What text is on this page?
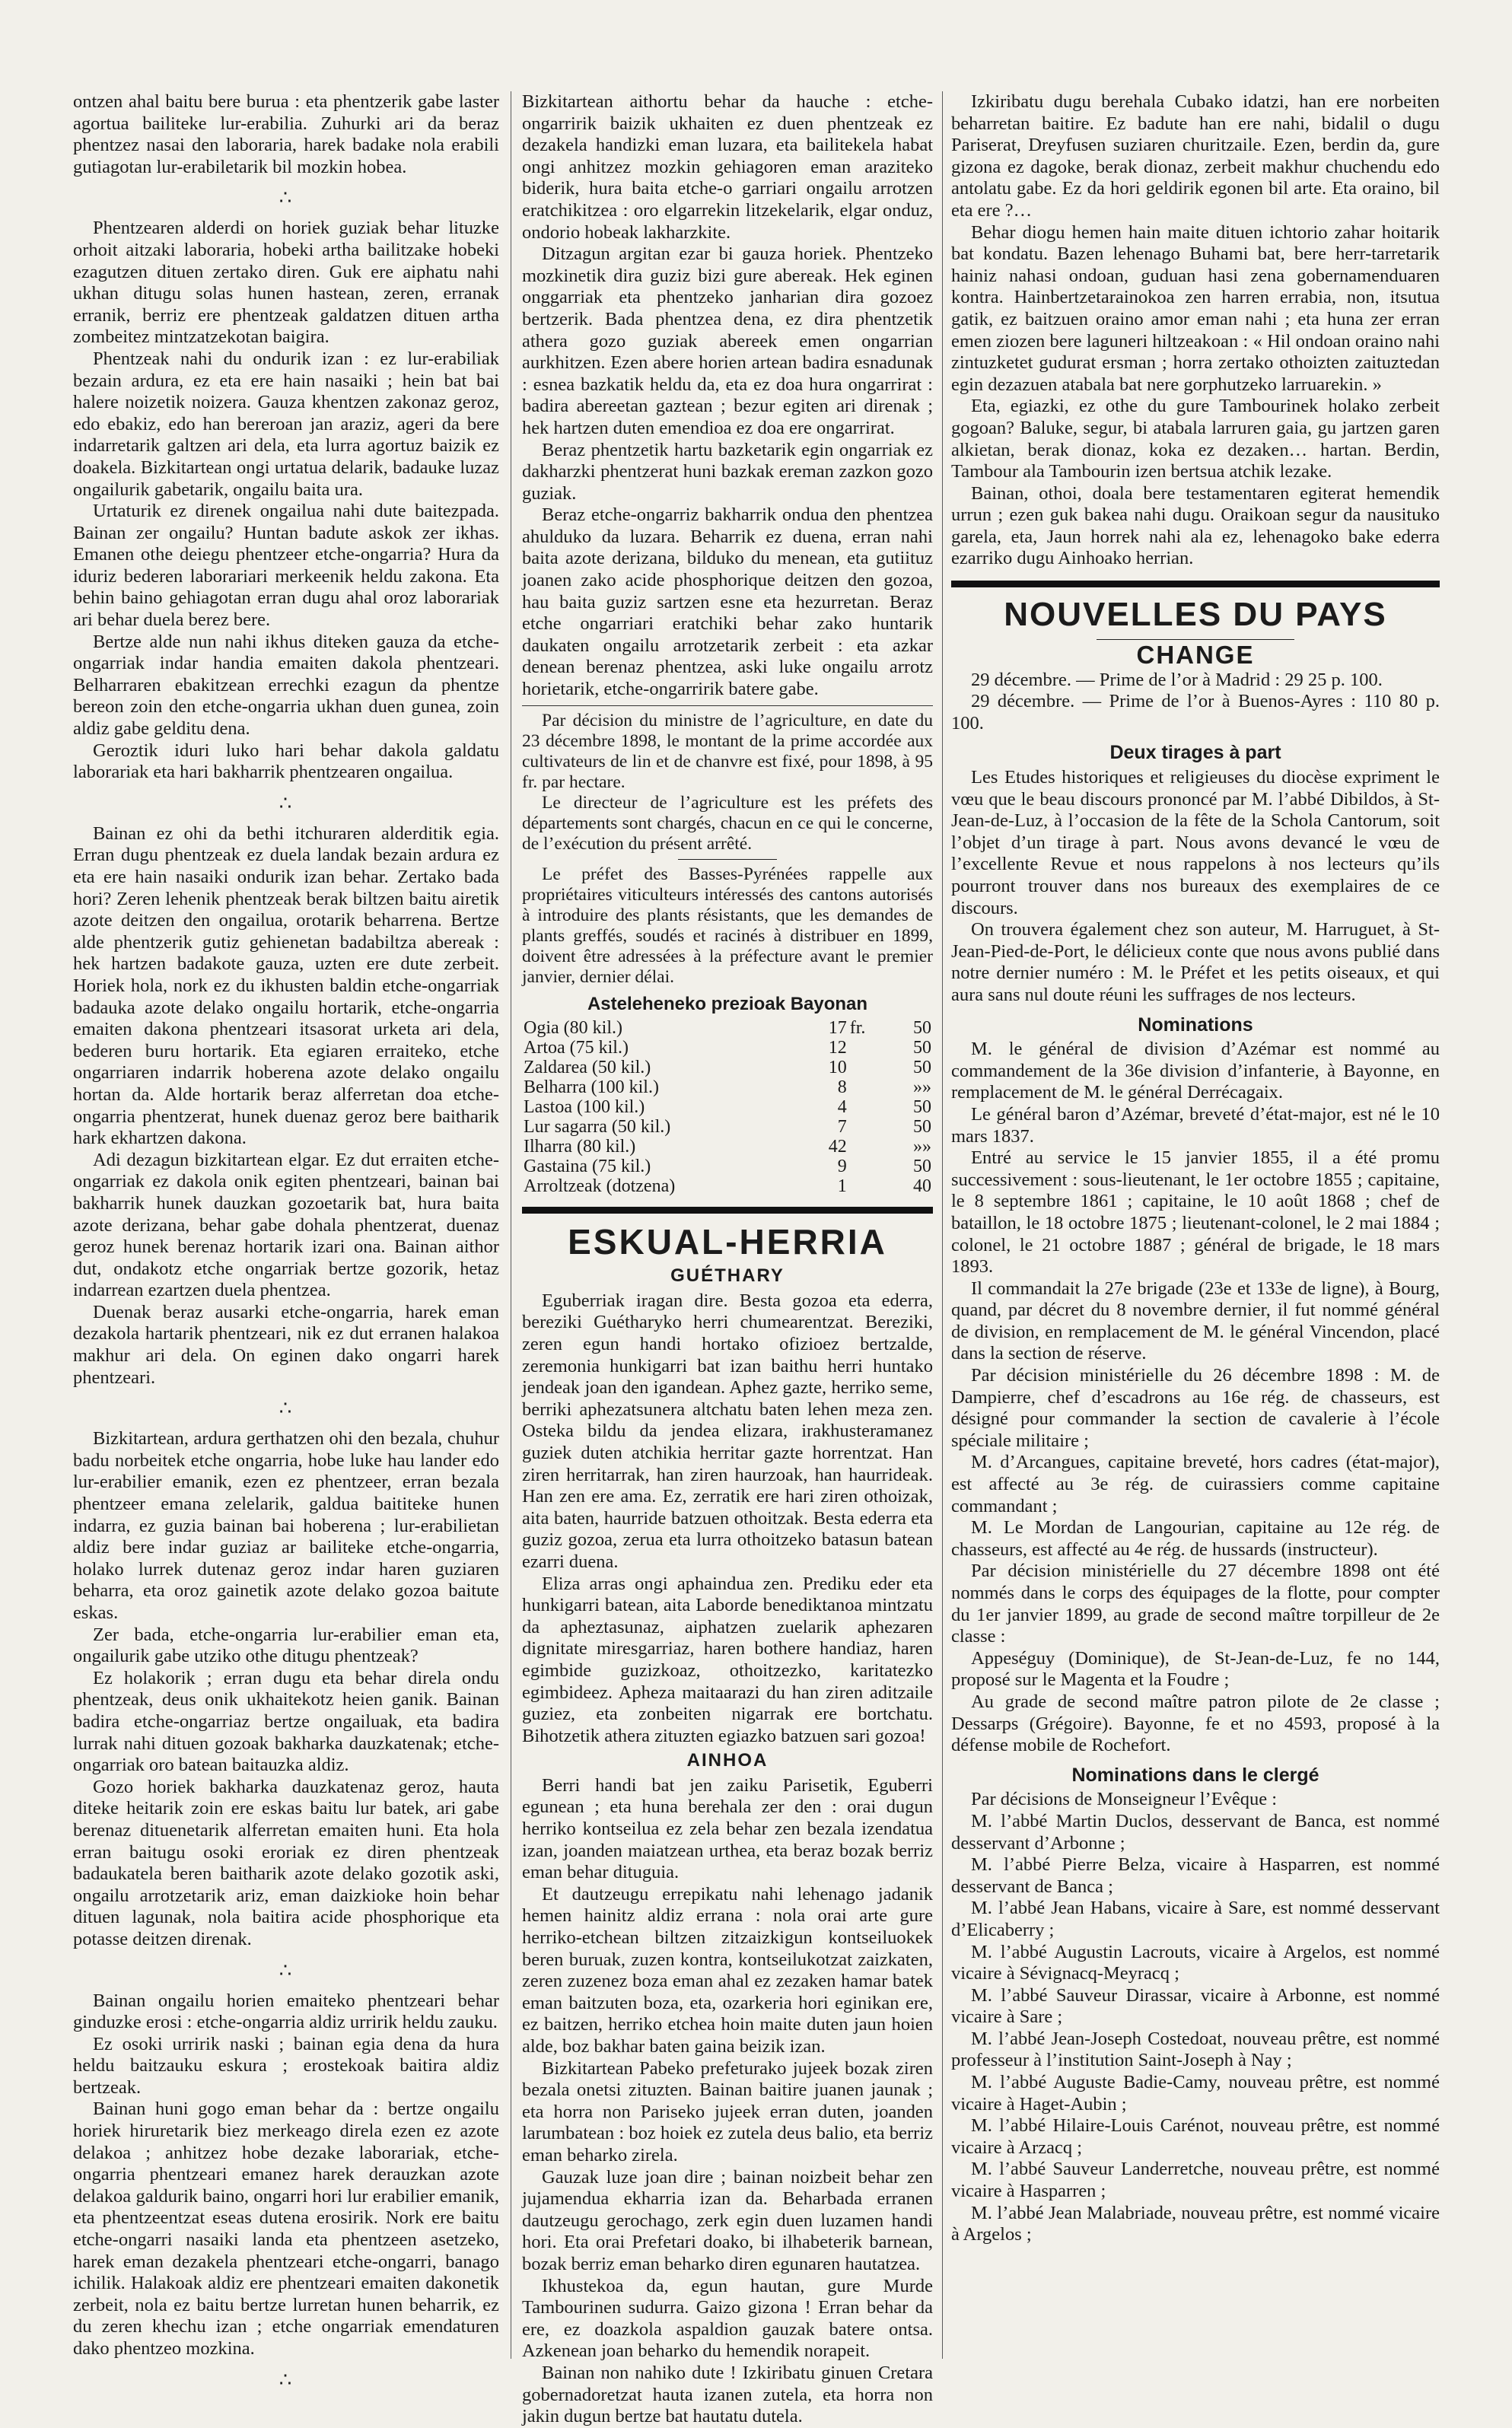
ontzen ahal baitu bere burua : eta phentzerik gabe laster agortua bailiteke lur-erabilia. Zuhurki ari da beraz phentzez nasai den laboraria, harek badake nola erabili gutiagotan lur-erabiletarik bil mozkin hobea.

∴

Phentzearen alderdi on horiek guziak behar lituzke orhoit aitzaki laboraria, hobeki artha bailitzake hobeki ezagutzen dituen zertako diren. Guk ere aiphatu nahi ukhan ditugu solas hunen hastean, zeren, erranak erranik, berriz ere phentzeak galdatzen dituen artha zombeitez mintzatzekotan baigira.

Phentzeak nahi du ondurik izan : ez lur-erabiliak bezain ardura, ez eta ere hain nasaiki ; hein bat bai halere noizetik noizera. Gauza khentzen zakonaz geroz, edo ebakiz, edo han bereroan jan araziz, ageri da bere indarretarik galtzen ari dela, eta lurra agortuz baizik ez doakela. Bizkitartean ongi urtatua delarik, badauke luzaz ongailurik gabetarik, ongailu baita ura.

Urtaturik ez direnek ongailua nahi dute baitezpada. Bainan zer ongailu? Huntan badute askok zer ikhas. Emanen othe deiegu phentzeer etche-ongarria? Hura da iduriz bederen laborariari merkeenik heldu zakona. Eta behin baino gehiagotan erran dugu ahal oroz laborariak ari behar duela berez bere.

Bertze alde nun nahi ikhus diteken gauza da etche-ongarriak indar handia emaiten dakola phentzeari. Belharraren ebakitzean errechki ezagun da phentze bereon zoin den etche-ongarria ukhan duen gunea, zoin aldiz gabe gelditu dena.

Geroztik iduri luko hari behar dakola galdatu laborariak eta hari bakharrik phentzearen ongailua.

∴

Bainan ez ohi da bethi itchuraren alderditik egia. Erran dugu phentzeak ez duela landak bezain ardura ez eta ere hain nasaiki ondurik izan behar. Zertako bada hori? Zeren lehenik phentzeak berak biltzen baitu airetik azote deitzen den ongailua, orotarik beharrena. Bertze alde phentzerik gutiz gehienetan badabiltza abereak : hek hartzen badakote gauza, uzten ere dute zerbeit. Horiek hola, nork ez du ikhusten baldin etche-ongarriak badauka azote delako ongailu hortarik, etche-ongarria emaiten dakona phentzeari itsasorat urketa ari dela, bederen buru hortarik. Eta egiaren erraiteko, etche ongarriaren indarrik hoberena azote delako ongailu hortan da. Alde hortarik beraz alferretan doa etche-ongarria phentzerat, hunek duenaz geroz bere baitharik hark ekhartzen dakona.

Adi dezagun bizkitartean elgar. Ez dut erraiten etche-ongarriak ez dakola onik egiten phentzeari, bainan bai bakharrik hunek dauzkan gozoetarik bat, hura baita azote derizana, behar gabe dohala phentzerat, duenaz geroz hunek berenaz hortarik izari ona. Bainan aithor dut, ondakotz etche ongarriak bertze gozorik, hetaz indarrean ezartzen duela phentzea.

Duenak beraz ausarki etche-ongarria, harek eman dezakola hartarik phentzeari, nik ez dut erranen halakoa makhur ari dela. On eginen dako ongarri harek phentzeari.

∴

Bizkitartean, ardura gerthatzen ohi den bezala, chuhur badu norbeitek etche ongarria, hobe luke hau lander edo lur-erabilier emanik, ezen ez phentzeer, erran bezala phentzeer emana zelelarik, galdua baititeke hunen indarra, ez guzia bainan bai hoberena ; lur-erabilietan aldiz bere indar guziaz ar bailiteke etche-ongarria, holako lurrek dutenaz geroz indar haren guziaren beharra, eta oroz gainetik azote delako gozoa baitute eskas.

Zer bada, etche-ongarria lur-erabilier eman eta, ongailurik gabe utziko othe ditugu phentzeak?

Ez holakorik ; erran dugu eta behar direla ondu phentzeak, deus onik ukhaitekotz heien ganik. Bainan badira etche-ongarriaz bertze ongailuak, eta badira lurrak nahi dituen gozoak bakharka dauzkatenak; etche-ongarriak oro batean baitauzka aldiz.

Gozo horiek bakharka dauzkatenaz geroz, hauta diteke heitarik zoin ere eskas baitu lur batek, ari gabe berenaz dituenetarik alferretan emaiten huni. Eta hola erran baitugu osoki eroriak ez diren phentzeak badaukatela beren baitharik azote delako gozotik aski, ongailu arrotzetarik ariz, eman daizkioke hoin behar dituen lagunak, nola baitira acide phosphorique eta potasse deitzen direnak.

∴

Bainan ongailu horien emaiteko phentzeari behar ginduzke erosi : etche-ongarria aldiz urririk heldu zauku.

Ez osoki urririk naski ; bainan egia dena da hura heldu baitzauku eskura ; erostekoak baitira aldiz bertzeak.

Bainan huni gogo eman behar da : bertze ongailu horiek hiruretarik biez merkeago direla ezen ez azote delakoa ; anhitzez hobe dezake laborariak, etche-ongarria phentzeari emanez harek derauzkan azote delakoa galdurik baino, ongarri hori lur erabilier emanik, eta phentzeentzat eseas dutena erosirik. Nork ere baitu etche-ongarri nasaiki landa eta phentzeen asetzeko, harek eman dezakela phentzeari etche-ongarri, banago ichilik. Halakoak aldiz ere phentzeari emaiten dakonetik zerbeit, nola ez baitu bertze lurretan hunen beharrik, ez du zeren khechu izan ; etche ongarriak emendaturen dako phentzeo mozkina.

∴

Bizkitartean aithortu behar da hauche : etche-ongarririk baizik ukhaiten ez duen phentzeak ez dezakela handizki eman luzara, eta bailitekela habat ongi anhitzez mozkin gehiagoren eman araziteko biderik, hura baita etche-o garriari ongailu arrotzen eratchikitzea : oro elgarrekin litzekelarik, elgar onduz, ondorio hobeak lakharzkite.

Ditzagun argitan ezar bi gauza horiek. Phentzeko mozkinetik dira guziz bizi gure abereak. Hek eginen onggarriak eta phentzeko janharian dira gozoez bertzerik. Bada phentzea dena, ez dira phentzetik athera gozo guziak abereek emen ongarrian aurkhitzen. Ezen abere horien artean badira esnadunak : esnea bazkatik heldu da, eta ez doa hura ongarrirat : badira abereetan gaztean ; bezur egiten ari direnak ; hek hartzen duten emendioa ez doa ere ongarrirat.

Beraz phentzetik hartu bazketarik egin ongarriak ez dakharzki phentzerat huni bazkak ereman zazkon gozo guziak.

Beraz etche-ongarriz bakharrik ondua den phentzea ahulduko da luzara. Beharrik ez duena, erran nahi baita azote derizana, bilduko du menean, eta gutiituz joanen zako acide phosphorique deitzen den gozoa, hau baita guziz sartzen esne eta hezurretan. Beraz etche ongarriari eratchiki behar zako huntarik daukaten ongailu arrotzetarik zerbeit : eta azkar denean berenaz phentzea, aski luke ongailu arrotz horietarik, etche-ongarririk batere gabe.

Par décision du ministre de l’agriculture, en date du 23 décembre 1898, le montant de la prime accordée aux cultivateurs de lin et de chanvre est fixé, pour 1898, à 95 fr. par hectare.

Le directeur de l’agriculture est les préfets des départements sont chargés, chacun en ce qui le concerne, de l’exécution du présent arrêté.

Le préfet des Basses-Pyrénées rappelle aux propriétaires viticulteurs intéressés des cantons autorisés à introduire des plants résistants, que les demandes de plants greffés, soudés et racinés à distribuer en 1899, doivent être adressées à la préfecture avant le premier janvier, dernier délai.

Asteleheneko prezioak Bayonan
Ogia (80 kil.)	17	fr.	50
Artoa (75 kil.)	12		50
Zaldarea (50 kil.)	10		50
Belharra (100 kil.)	8		»»
Lastoa (100 kil.)	4		50
Lur sagarra (50 kil.)	7		50
Ilharra (80 kil.)	42		»»
Gastaina (75 kil.)	9		50
Arroltzeak (dotzena)	1		40
ESKUAL-HERRIA
GUÉTHARY

Eguberriak iragan dire. Besta gozoa eta ederra, bereziki Guétharyko herri chumearentzat. Bereziki, zeren egun handi hortako ofizioez bertzalde, zeremonia hunkigarri bat izan baithu herri huntako jendeak joan den igandean. Aphez gazte, herriko seme, berriki aphezatsunera altchatu baten lehen meza zen. Osteka bildu da jendea elizara, irakhusteramanez guziek duten atchikia herritar gazte horrentzat. Han ziren herritarrak, han ziren haurzoak, han haurrideak. Han zen ere ama. Ez, zerratik ere hari ziren othoizak, aita baten, haurride batzuen othoitzak. Besta ederra eta guziz gozoa, zerua eta lurra othoitzeko batasun batean ezarri duena.

Eliza arras ongi aphaindua zen. Prediku eder eta hunkigarri batean, aita Laborde benediktanoa mintzatu da apheztasunaz, aiphatzen zuelarik aphezaren dignitate miresgarriaz, haren bothere handiaz, haren egimbide guzizkoaz, othoitzezko, karitatezko egimbideez. Apheza maitaarazi du han ziren aditzaile guziez, eta zonbeiten nigarrak ere bortchatu. Bihotzetik athera zituzten egiazko batzuen sari gozoa!

AINHOA

Berri handi bat jen zaiku Parisetik, Eguberri egunean ; eta huna berehala zer den : orai dugun herriko kontseilua ez zela behar zen bezala izendatua izan, joanden maiatzean urthea, eta beraz bozak berriz eman behar dituguia.

Et dautzeugu errepikatu nahi lehenago jadanik hemen hainitz aldiz errana : nola orai arte gure herriko-etchean biltzen zitzaizkigun kontseiluokek beren buruak, zuzen kontra, kontseilukotzat zaizkaten, zeren zuzenez boza eman ahal ez zezaken hamar batek eman baitzuten boza, eta, ozarkeria hori eginikan ere, ez baitzen, herriko etchea hoin maite duten jaun hoien alde, boz bakhar baten gaina beizik izan.

Bizkitartean Pabeko prefeturako jujeek bozak ziren bezala onetsi zituzten. Bainan baitire juanen jaunak ; eta horra non Pariseko jujeek erran duten, joanden larumbatean : boz hoiek ez zutela deus balio, eta berriz eman beharko zirela.

Gauzak luze joan dire ; bainan noizbeit behar zen jujamendua ekharria izan da. Beharbada erranen dautzeugu gerochago, zerk egin duen luzamen handi hori. Eta orai Prefetari doako, bi ilhabeterik barnean, bozak berriz eman beharko diren egunaren hautatzea.

Ikhustekoa da, egun hautan, gure Murde Tambourinen sudurra. Gaizo gizona ! Erran behar da ere, ez doazkola aspaldion gauzak batere ontsa. Azkenean joan beharko du hemendik norapeit.

Bainan non nahiko dute ! Izkiribatu ginuen Cretara gobernadoretzat hauta izanen zutela, eta horra non jakin dugun bertze bat hautatu dutela.

Izkiribatu dugu berehala Cubako idatzi, han ere norbeiten beharretan baitire. Ez badute han ere nahi, bidalil o dugu Pariserat, Dreyfusen suziaren churitzaile. Ezen, berdin da, gure gizona ez dagoke, berak dionaz, zerbeit makhur chuchendu edo antolatu gabe. Ez da hori geldirik egonen bil arte. Eta oraino, bil eta ere ?…

Behar diogu hemen hain maite dituen ichtorio zahar hoitarik bat kondatu. Bazen lehenago Buhami bat, bere herr-tarretarik hainiz nahasi ondoan, guduan hasi zena gobernamenduaren kontra. Hainbertzetarainokoa zen harren errabia, non, itsutua gatik, ez baitzuen oraino amor eman nahi ; eta huna zer erran emen ziozen bere laguneri hiltzeakoan : « Hil ondoan oraino nahi zintuzketet gudurat ersman ; horra zertako othoizten zaituztedan egin dezazuen atabala bat nere gorphutzeko larruarekin. »

Eta, egiazki, ez othe du gure Tambourinek holako zerbeit gogoan? Baluke, segur, bi atabala larruren gaia, gu jartzen garen alkietan, berak dionaz, koka ez dezaken… hartan. Berdin, Tambour ala Tambourin izen bertsua atchik lezake.

Bainan, othoi, doala bere testamentaren egiterat hemendik urrun ; ezen guk bakea nahi dugu. Oraikoan segur da nausituko garela, eta, Jaun horrek nahi ala ez, lehenagoko bake ederra ezarriko dugu Ainhoako herrian.

NOUVELLES DU PAYS
CHANGE

29 décembre. — Prime de l’or à Madrid : 29 25 p. 100.

29 décembre. — Prime de l’or à Buenos-Ayres : 110 80 p. 100.

Deux tirages à part

Les Etudes historiques et religieuses du diocèse expriment le vœu que le beau discours prononcé par M. l’abbé Dibildos, à St-Jean-de-Luz, à l’occasion de la fête de la Schola Cantorum, soit l’objet d’un tirage à part. Nous avons devancé le vœu de l’excellente Revue et nous rappelons à nos lecteurs qu’ils pourront trouver dans nos bureaux des exemplaires de ce discours.

On trouvera également chez son auteur, M. Harruguet, à St-Jean-Pied-de-Port, le délicieux conte que nous avons publié dans notre dernier numéro : M. le Préfet et les petits oiseaux, et qui aura sans nul doute réuni les suffrages de nos lecteurs.

Nominations

M. le général de division d’Azémar est nommé au commandement de la 36e division d’infanterie, à Bayonne, en remplacement de M. le général Derrécagaix.

Le général baron d’Azémar, breveté d’état-major, est né le 10 mars 1837.

Entré au service le 15 janvier 1855, il a été promu successivement : sous-lieutenant, le 1er octobre 1855 ; capitaine, le 8 septembre 1861 ; capitaine, le 10 août 1868 ; chef de bataillon, le 18 octobre 1875 ; lieutenant-colonel, le 2 mai 1884 ; colonel, le 21 octobre 1887 ; général de brigade, le 18 mars 1893.

Il commandait la 27e brigade (23e et 133e de ligne), à Bourg, quand, par décret du 8 novembre dernier, il fut nommé général de division, en remplacement de M. le général Vincendon, placé dans la section de réserve.

Par décision ministérielle du 26 décembre 1898 : M. de Dampierre, chef d’escadrons au 16e rég. de chasseurs, est désigné pour commander la section de cavalerie à l’école spéciale militaire ;

M. d’Arcangues, capitaine breveté, hors cadres (état-major), est affecté au 3e rég. de cuirassiers comme capitaine commandant ;

M. Le Mordan de Langourian, capitaine au 12e rég. de chasseurs, est affecté au 4e rég. de hussards (instructeur).

Par décision ministérielle du 27 décembre 1898 ont été nommés dans le corps des équipages de la flotte, pour compter du 1er janvier 1899, au grade de second maître torpilleur de 2e classe :

Appeséguy (Dominique), de St-Jean-de-Luz, fe no 144, proposé sur le Magenta et la Foudre ;

Au grade de second maître patron pilote de 2e classe ; Dessarps (Grégoire). Bayonne, fe et no 4593, proposé à la défense mobile de Rochefort.

Nominations dans le clergé

Par décisions de Monseigneur l’Evêque :

M. l’abbé Martin Duclos, desservant de Banca, est nommé desservant d’Arbonne ;

M. l’abbé Pierre Belza, vicaire à Hasparren, est nommé desservant de Banca ;

M. l’abbé Jean Habans, vicaire à Sare, est nommé desservant d’Elicaberry ;

M. l’abbé Augustin Lacrouts, vicaire à Argelos, est nommé vicaire à Sévignacq-Meyracq ;

M. l’abbé Sauveur Dirassar, vicaire à Arbonne, est nommé vicaire à Sare ;

M. l’abbé Jean-Joseph Costedoat, nouveau prêtre, est nommé professeur à l’institution Saint-Joseph à Nay ;

M. l’abbé Auguste Badie-Camy, nouveau prêtre, est nommé vicaire à Haget-Aubin ;

M. l’abbé Hilaire-Louis Carénot, nouveau prêtre, est nommé vicaire à Arzacq ;

M. l’abbé Sauveur Landerretche, nouveau prêtre, est nommé vicaire à Hasparren ;

M. l’abbé Jean Malabriade, nouveau prêtre, est nommé vicaire à Argelos ;
